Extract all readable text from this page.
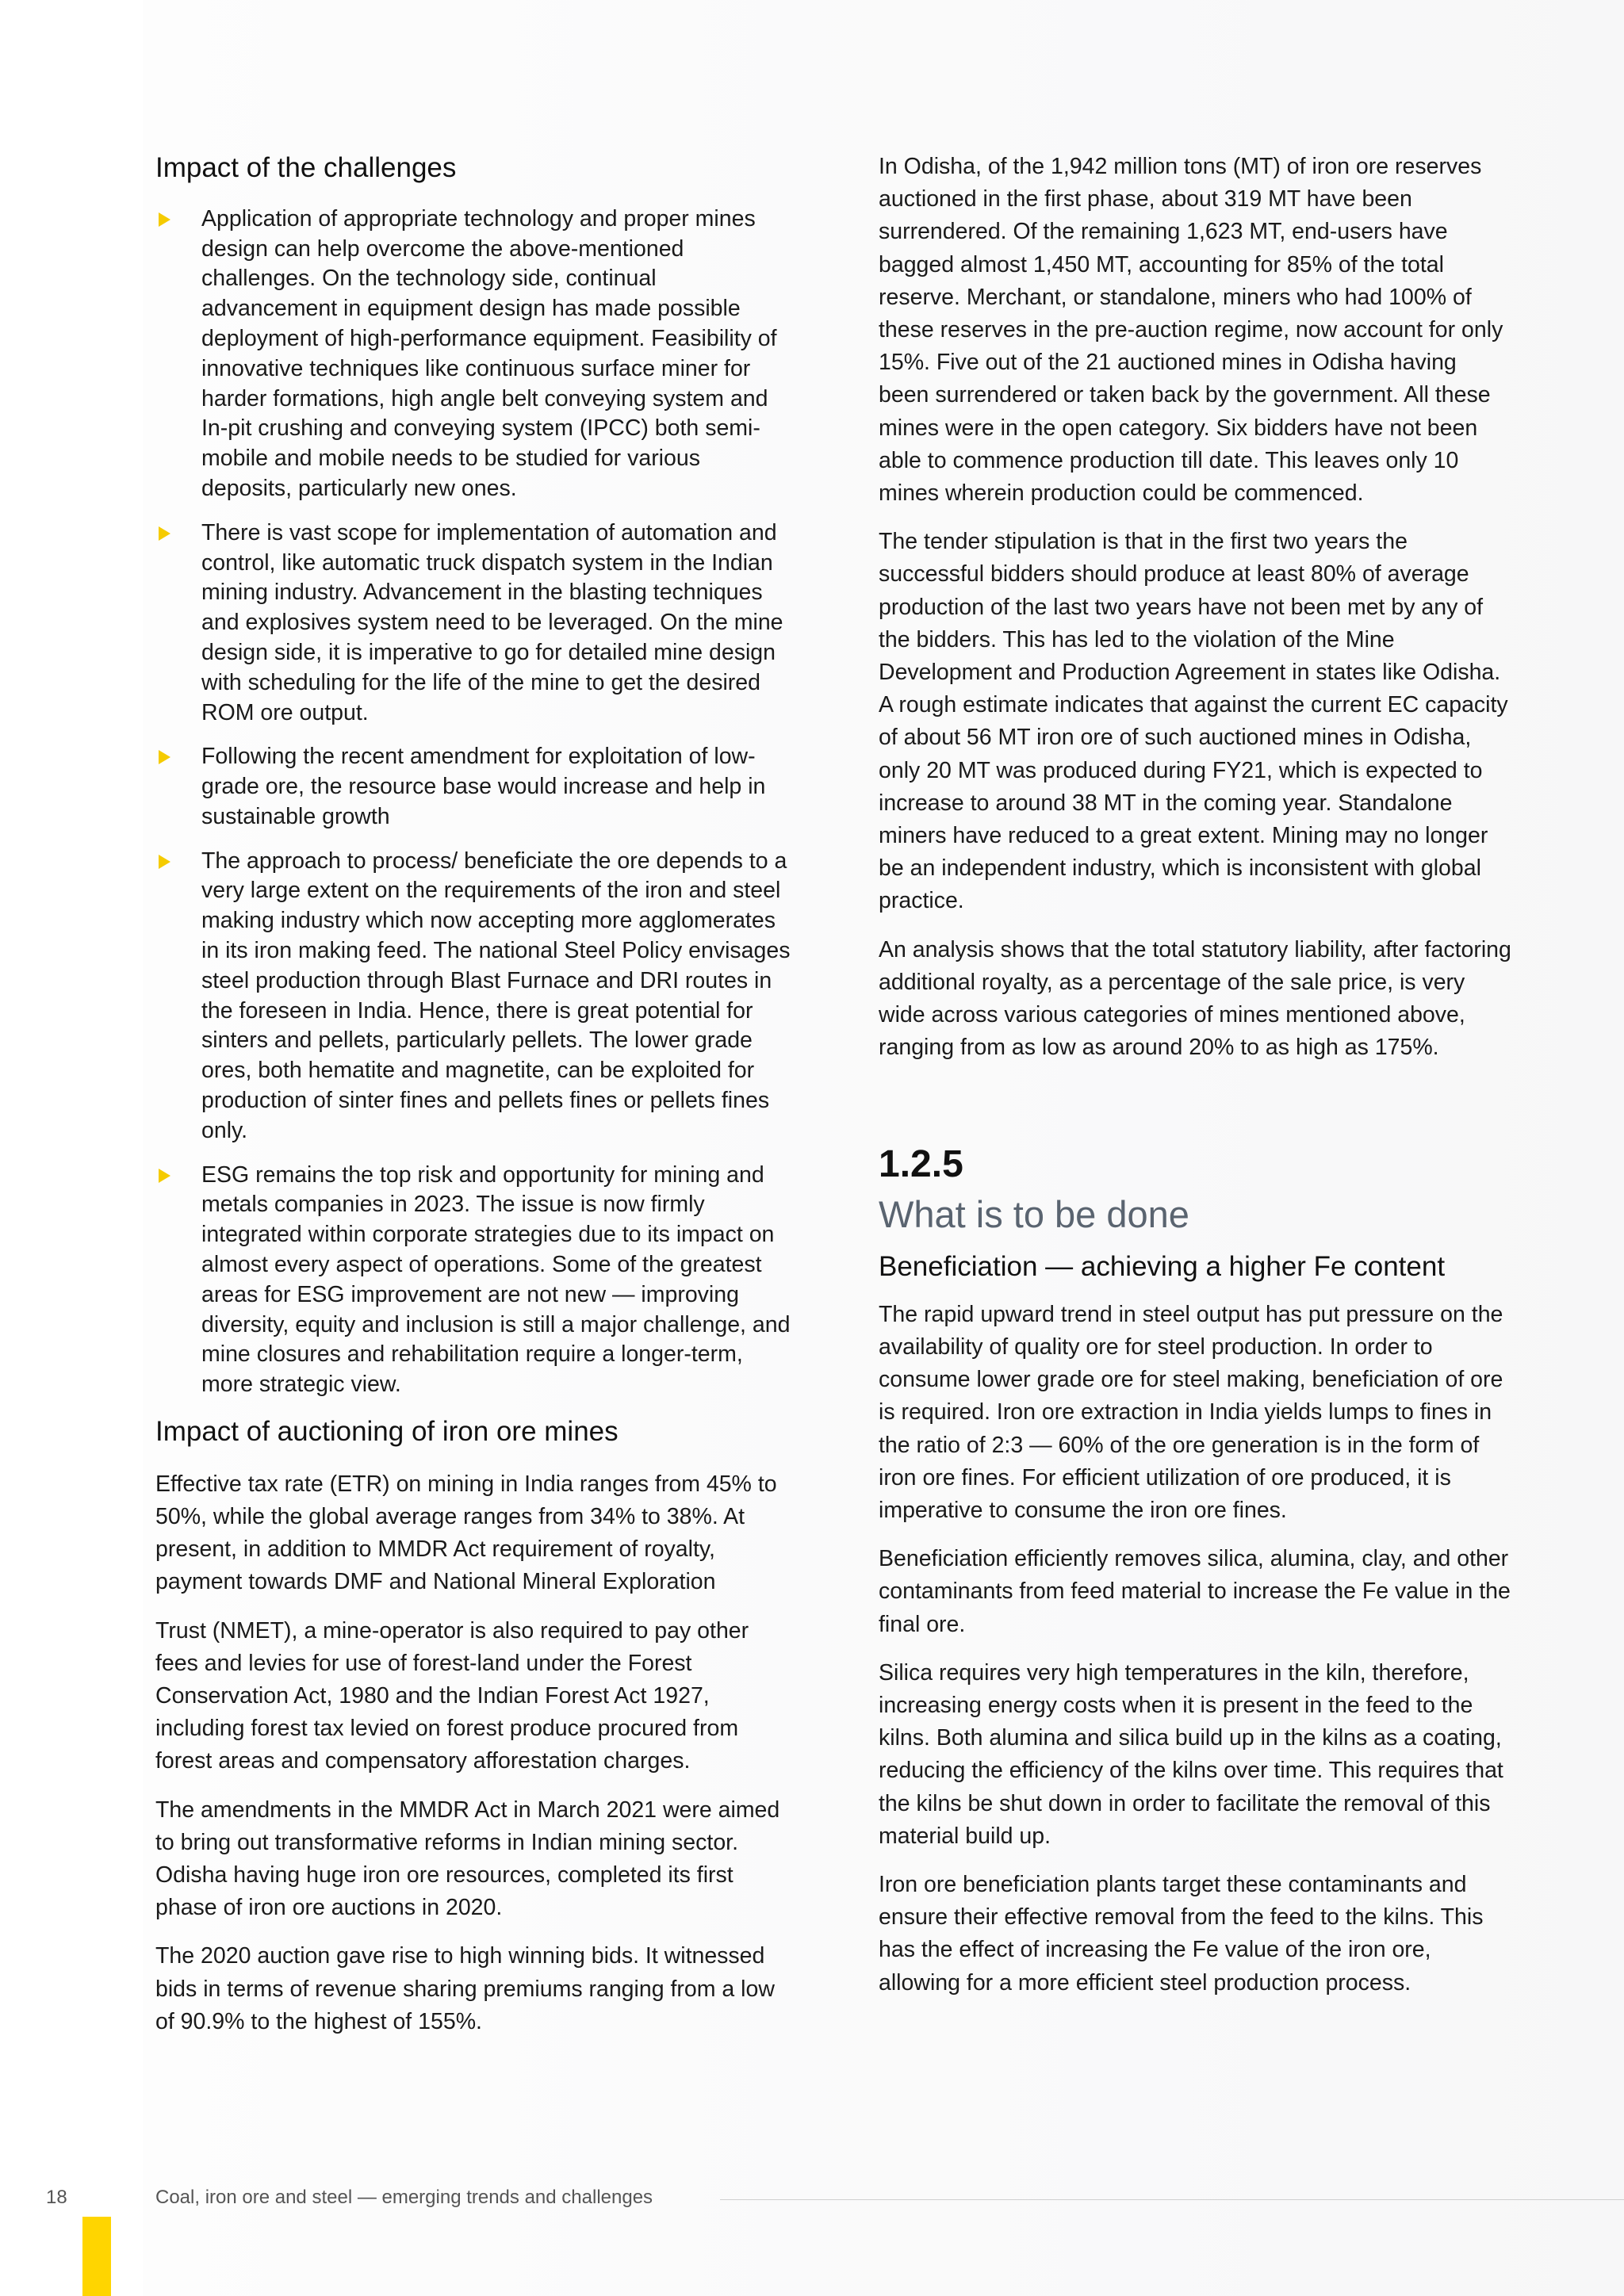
Impact of the challenges
Application of appropriate technology and proper mines design can help overcome the above-mentioned challenges. On the technology side, continual advancement in equipment design has made possible deployment of high-performance equipment. Feasibility of innovative techniques like continuous surface miner for harder formations, high angle belt conveying system and In-pit crushing and conveying system (IPCC) both semi- mobile and mobile needs to be studied for various deposits, particularly new ones.
There is vast scope for implementation of automation and control, like automatic truck dispatch system in the Indian mining industry. Advancement in the blasting techniques and explosives system need to be leveraged. On the mine design side, it is imperative to go for detailed mine design with scheduling for the life of the mine to get the desired ROM ore output.
Following the recent amendment for exploitation of low-grade ore, the resource base would increase and help in sustainable growth
The approach to process/ beneficiate the ore depends to a very large extent on the requirements of the iron and steel making industry which now accepting more agglomerates in its iron making feed. The national Steel Policy envisages steel production through Blast Furnace and DRI routes in the foreseen in India. Hence, there is great potential for sinters and pellets, particularly pellets. The lower grade ores, both hematite and magnetite, can be exploited for production of sinter fines and pellets fines or pellets fines only.
ESG remains the top risk and opportunity for mining and metals companies in 2023. The issue is now firmly integrated within corporate strategies due to its impact on almost every aspect of operations. Some of the greatest areas for ESG improvement are not new — improving diversity, equity and inclusion is still a major challenge, and mine closures and rehabilitation require a longer-term, more strategic view.
Impact of auctioning of iron ore mines

Effective tax rate (ETR) on mining in India ranges from 45% to 50%, while the global average ranges from 34% to 38%. At present, in addition to MMDR Act requirement of royalty, payment towards DMF and National Mineral Exploration

Trust (NMET), a mine-operator is also required to pay other fees and levies for use of forest-land under the Forest Conservation Act, 1980 and the Indian Forest Act 1927, including forest tax levied on forest produce procured from forest areas and compensatory afforestation charges.

The amendments in the MMDR Act in March 2021 were aimed to bring out transformative reforms in Indian mining sector. Odisha having huge iron ore resources, completed its first phase of iron ore auctions in 2020.

The 2020 auction gave rise to high winning bids. It witnessed bids in terms of revenue sharing premiums ranging from a low of 90.9% to the highest of 155%.

In Odisha, of the 1,942 million tons (MT) of iron ore reserves auctioned in the first phase, about 319 MT have been surrendered. Of the remaining 1,623 MT, end-users have bagged almost 1,450 MT, accounting for 85% of the total reserve. Merchant, or standalone, miners who had 100% of these reserves in the pre-auction regime, now account for only 15%. Five out of the 21 auctioned mines in Odisha having been surrendered or taken back by the government. All these mines were in the open category. Six bidders have not been able to commence production till date. This leaves only 10 mines wherein production could be commenced.

The tender stipulation is that in the first two years the successful bidders should produce at least 80% of average production of the last two years have not been met by any of the bidders. This has led to the violation of the Mine Development and Production Agreement in states like Odisha. A rough estimate indicates that against the current EC capacity of about 56 MT iron ore of such auctioned mines in Odisha, only 20 MT was produced during FY21, which is expected to increase to around 38 MT in the coming year. Standalone miners have reduced to a great extent. Mining may no longer be an independent industry, which is inconsistent with global practice.

An analysis shows that the total statutory liability, after factoring additional royalty, as a percentage of the sale price, is very wide across various categories of mines mentioned above, ranging from as low as around 20% to as high as 175%.

1.2.5
What is to be done
Beneficiation — achieving a higher Fe content

The rapid upward trend in steel output has put pressure on the availability of quality ore for steel production. In order to consume lower grade ore for steel making, beneficiation of ore is required. Iron ore extraction in India yields lumps to fines in the ratio of 2:3 — 60% of the ore generation is in the form of iron ore fines. For efficient utilization of ore produced, it is imperative to consume the iron ore fines.

Beneficiation efficiently removes silica, alumina, clay, and other contaminants from feed material to increase the Fe value in the final ore.

Silica requires very high temperatures in the kiln, therefore, increasing energy costs when it is present in the feed to the kilns. Both alumina and silica build up in the kilns as a coating, reducing the efficiency of the kilns over time. This requires that the kilns be shut down in order to facilitate the removal of this material build up.

Iron ore beneficiation plants target these contaminants and ensure their effective removal from the feed to the kilns. This has the effect of increasing the Fe value of the iron ore, allowing for a more efficient steel production process.

18	Coal, iron ore and steel — emerging trends and challenges
